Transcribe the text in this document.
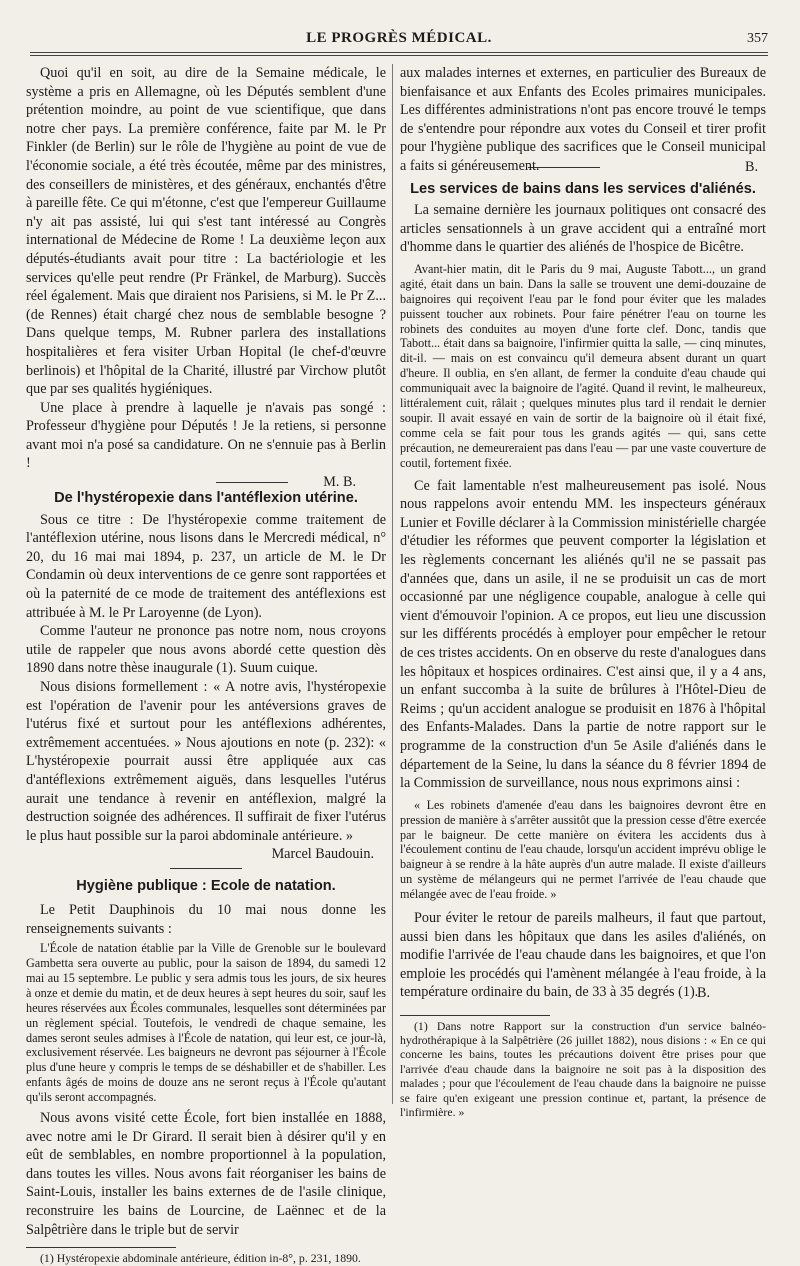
LE PROGRÈS MÉDICAL.	357

Quoi qu'il en soit, au dire de la Semaine médicale, le système a pris en Allemagne, où les Députés semblent d'une prétention moindre, au point de vue scientifique, que dans notre cher pays. La première conférence, faite par M. le Pr Finkler (de Berlin) sur le rôle de l'hygiène au point de vue de l'économie sociale, a été très écoutée, même par des ministres, des conseillers de ministères, et des généraux, enchantés d'être à pareille fête. Ce qui m'étonne, c'est que l'empereur Guillaume n'y ait pas assisté, lui qui s'est tant intéressé au Congrès international de Médecine de Rome ! La deuxième leçon aux députés-étudiants avait pour titre : La bactériologie et les services qu'elle peut rendre (Pr Fränkel, de Marburg). Succès réel également. Mais que diraient nos Parisiens, si M. le Pr Z... (de Rennes) était chargé chez nous de semblable besogne ? Dans quelque temps, M. Rubner parlera des installations hospitalières et fera visiter Urban Hopital (le chef-d'œuvre berlinois) et l'hôpital de la Charité, illustré par Virchow plutôt que par ses qualités hygiéniques.

Une place à prendre à laquelle je n'avais pas songé : Professeur d'hygiène pour Députés ! Je la retiens, si personne avant moi n'a posé sa candidature. On ne s'ennuie pas à Berlin !

M. B.

De l'hystéropexie dans l'antéflexion utérine.

Sous ce titre : De l'hystéropexie comme traitement de l'antéflexion utérine, nous lisons dans le Mercredi médical, n° 20, du 16 mai mai 1894, p. 237, un article de M. le Dr Condamin où deux interventions de ce genre sont rapportées et où la paternité de ce mode de traitement des antéflexions est attribuée à M. le Pr Laroyenne (de Lyon).

Comme l'auteur ne prononce pas notre nom, nous croyons utile de rappeler que nous avons abordé cette question dès 1890 dans notre thèse inaugurale (1). Suum cuique.

Nous disions formellement : « A notre avis, l'hystéropexie est l'opération de l'avenir pour les antéversions graves de l'utérus fixé et surtout pour les antéflexions adhérentes, extrêmement accentuées. » Nous ajoutions en note (p. 232): « L'hystéropexie pourrait aussi être appliquée aux cas d'antéflexions extrêmement aiguës, dans lesquelles l'utérus aurait une tendance à revenir en antéflexion, malgré la destruction soignée des adhérences. Il suffirait de fixer l'utérus le plus haut possible sur la paroi abdominale antérieure. »

Marcel Baudouin.

Hygiène publique : Ecole de natation.

Le Petit Dauphinois du 10 mai nous donne les renseignements suivants :

L'École de natation établie par la Ville de Grenoble sur le boulevard Gambetta sera ouverte au public, pour la saison de 1894, du samedi 12 mai au 15 septembre. Le public y sera admis tous les jours, de six heures à onze et demie du matin, et de deux heures à sept heures du soir, sauf les heures réservées aux Écoles communales, lesquelles sont déterminées par un règlement spécial. Toutefois, le vendredi de chaque semaine, les dames seront seules admises à l'École de natation, qui leur est, ce jour-là, exclusivement réservée. Les baigneurs ne devront pas séjourner à l'École plus d'une heure y compris le temps de se déshabiller et de s'habiller. Les enfants âgés de moins de douze ans ne seront reçus à l'École qu'autant qu'ils seront accompagnés.

Nous avons visité cette École, fort bien installée en 1888, avec notre ami le Dr Girard. Il serait bien à désirer qu'il y en eût de semblables, en nombre proportionnel à la population, dans toutes les villes. Nous avons fait réorganiser les bains de Saint-Louis, installer les bains externes de de l'asile clinique, reconstruire les bains de Lourcine, de Laënnec et de la Salpêtrière dans le triple but de servir

(1) Hystéropexie abdominale antérieure, édition in-8°, p. 231, 1890.

aux malades internes et externes, en particulier des Bureaux de bienfaisance et aux Enfants des Ecoles primaires municipales. Les différentes administrations n'ont pas encore trouvé le temps de s'entendre pour répondre aux votes du Conseil et tirer profit pour l'hygiène publique des sacrifices que le Conseil municipal a faits si généreusement.	B.

Les services de bains dans les services d'aliénés.

La semaine dernière les journaux politiques ont consacré des articles sensationnels à un grave accident qui a entraîné mort d'homme dans le quartier des aliénés de l'hospice de Bicêtre.

Avant-hier matin, dit le Paris du 9 mai, Auguste Tabott..., un grand agité, était dans un bain. Dans la salle se trouvent une demi-douzaine de baignoires qui reçoivent l'eau par le fond pour éviter que les malades puissent toucher aux robinets. Pour faire pénétrer l'eau on tourne les robinets des conduites au moyen d'une forte clef. Donc, tandis que Tabott... était dans sa baignoire, l'infirmier quitta la salle, — cinq minutes, dit-il. — mais on est convaincu qu'il demeura absent durant un quart d'heure. Il oublia, en s'en allant, de fermer la conduite d'eau chaude qui communiquait avec la baignoire de l'agité. Quand il revint, le malheureux, littéralement cuit, râlait ; quelques minutes plus tard il rendait le dernier soupir. Il avait essayé en vain de sortir de la baignoire où il était fixé, comme cela se fait pour tous les grands agités — qui, sans cette précaution, ne demeureraient pas dans l'eau — par une vaste couverture de coutil, fortement fixée.

Ce fait lamentable n'est malheureusement pas isolé. Nous nous rappelons avoir entendu MM. les inspecteurs généraux Lunier et Foville déclarer à la Commission ministérielle chargée d'étudier les réformes que peuvent comporter la législation et les règlements concernant les aliénés qu'il ne se passait pas d'années que, dans un asile, il ne se produisit un cas de mort occasionné par une négligence coupable, analogue à celle qui vient d'émouvoir l'opinion. A ce propos, eut lieu une discussion sur les différents procédés à employer pour empêcher le retour de ces tristes accidents. On en observe du reste d'analogues dans les hôpitaux et hospices ordinaires. C'est ainsi que, il y a 4 ans, un enfant succomba à la suite de brûlures à l'Hôtel-Dieu de Reims ; qu'un accident analogue se produisit en 1876 à l'hôpital des Enfants-Malades. Dans la partie de notre rapport sur le programme de la construction d'un 5e Asile d'aliénés dans le département de la Seine, lu dans la séance du 8 février 1894 de la Commission de surveillance, nous nous exprimons ainsi :

« Les robinets d'amenée d'eau dans les baignoires devront être en pression de manière à s'arrêter aussitôt que la pression cesse d'être exercée par le baigneur. De cette manière on évitera les accidents dus à l'écoulement continu de l'eau chaude, lorsqu'un accident imprévu oblige le baigneur à se rendre à la hâte auprès d'un autre malade. Il existe d'ailleurs un système de mélangeurs qui ne permet l'arrivée de l'eau chaude que mélangée avec de l'eau froide. »

Pour éviter le retour de pareils malheurs, il faut que partout, aussi bien dans les hôpitaux que dans les asiles d'aliénés, on modifie l'arrivée de l'eau chaude dans les baignoires, et que l'on emploie les procédés qui l'amènent mélangée à l'eau froide, à la température ordinaire du bain, de 33 à 35 degrés (1).

B.

(1) Dans notre Rapport sur la construction d'un service balnéo-hydrothérapique à la Salpêtrière (26 juillet 1882), nous disions : « En ce qui concerne les bains, toutes les précautions doivent être prises pour que l'arrivée d'eau chaude dans la baignoire ne soit pas à la disposition des malades ; pour que l'écoulement de l'eau chaude dans la baignoire ne puisse se faire qu'en exigeant une pression continue et, partant, la présence de l'infirmière. »
